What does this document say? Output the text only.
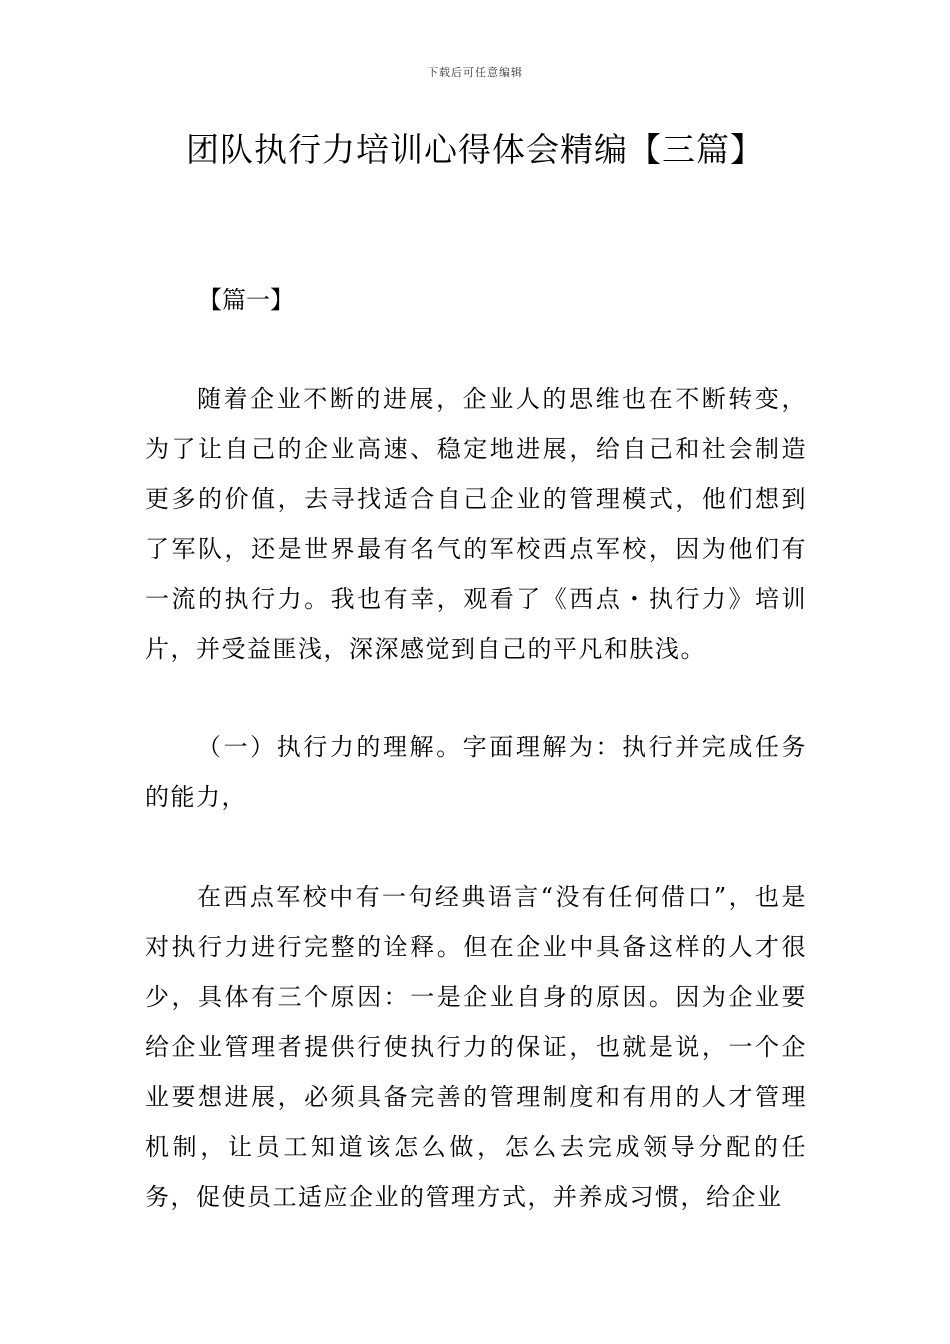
下载后可任意编辑
团队执行力培训心得体会精编【三篇】

【篇一】

随着企业不断的进展，企业人的思维也在不断转变，为了让自己的企业高速、稳定地进展，给自己和社会制造更多的价值，去寻找适合自己企业的管理模式，他们想到了军队，还是世界最有名气的军校西点军校，因为他们有一流的执行力。我也有幸，观看了《西点・执行力》培训片，并受益匪浅，深深感觉到自己的平凡和肤浅。

（一）执行力的理解。字面理解为：执行并完成任务的能力，

在西点军校中有一句经典语言“没有任何借口”，也是对执行力进行完整的诠释。但在企业中具备这样的人才很少，具体有三个原因：一是企业自身的原因。因为企业要给企业管理者提供行使执行力的保证，也就是说，一个企业要想进展，必须具备完善的管理制度和有用的人才管理机制，让员工知道该怎么做，怎么去完成领导分配的任务，促使员工适应企业的管理方式，并养成习惯，给企业
